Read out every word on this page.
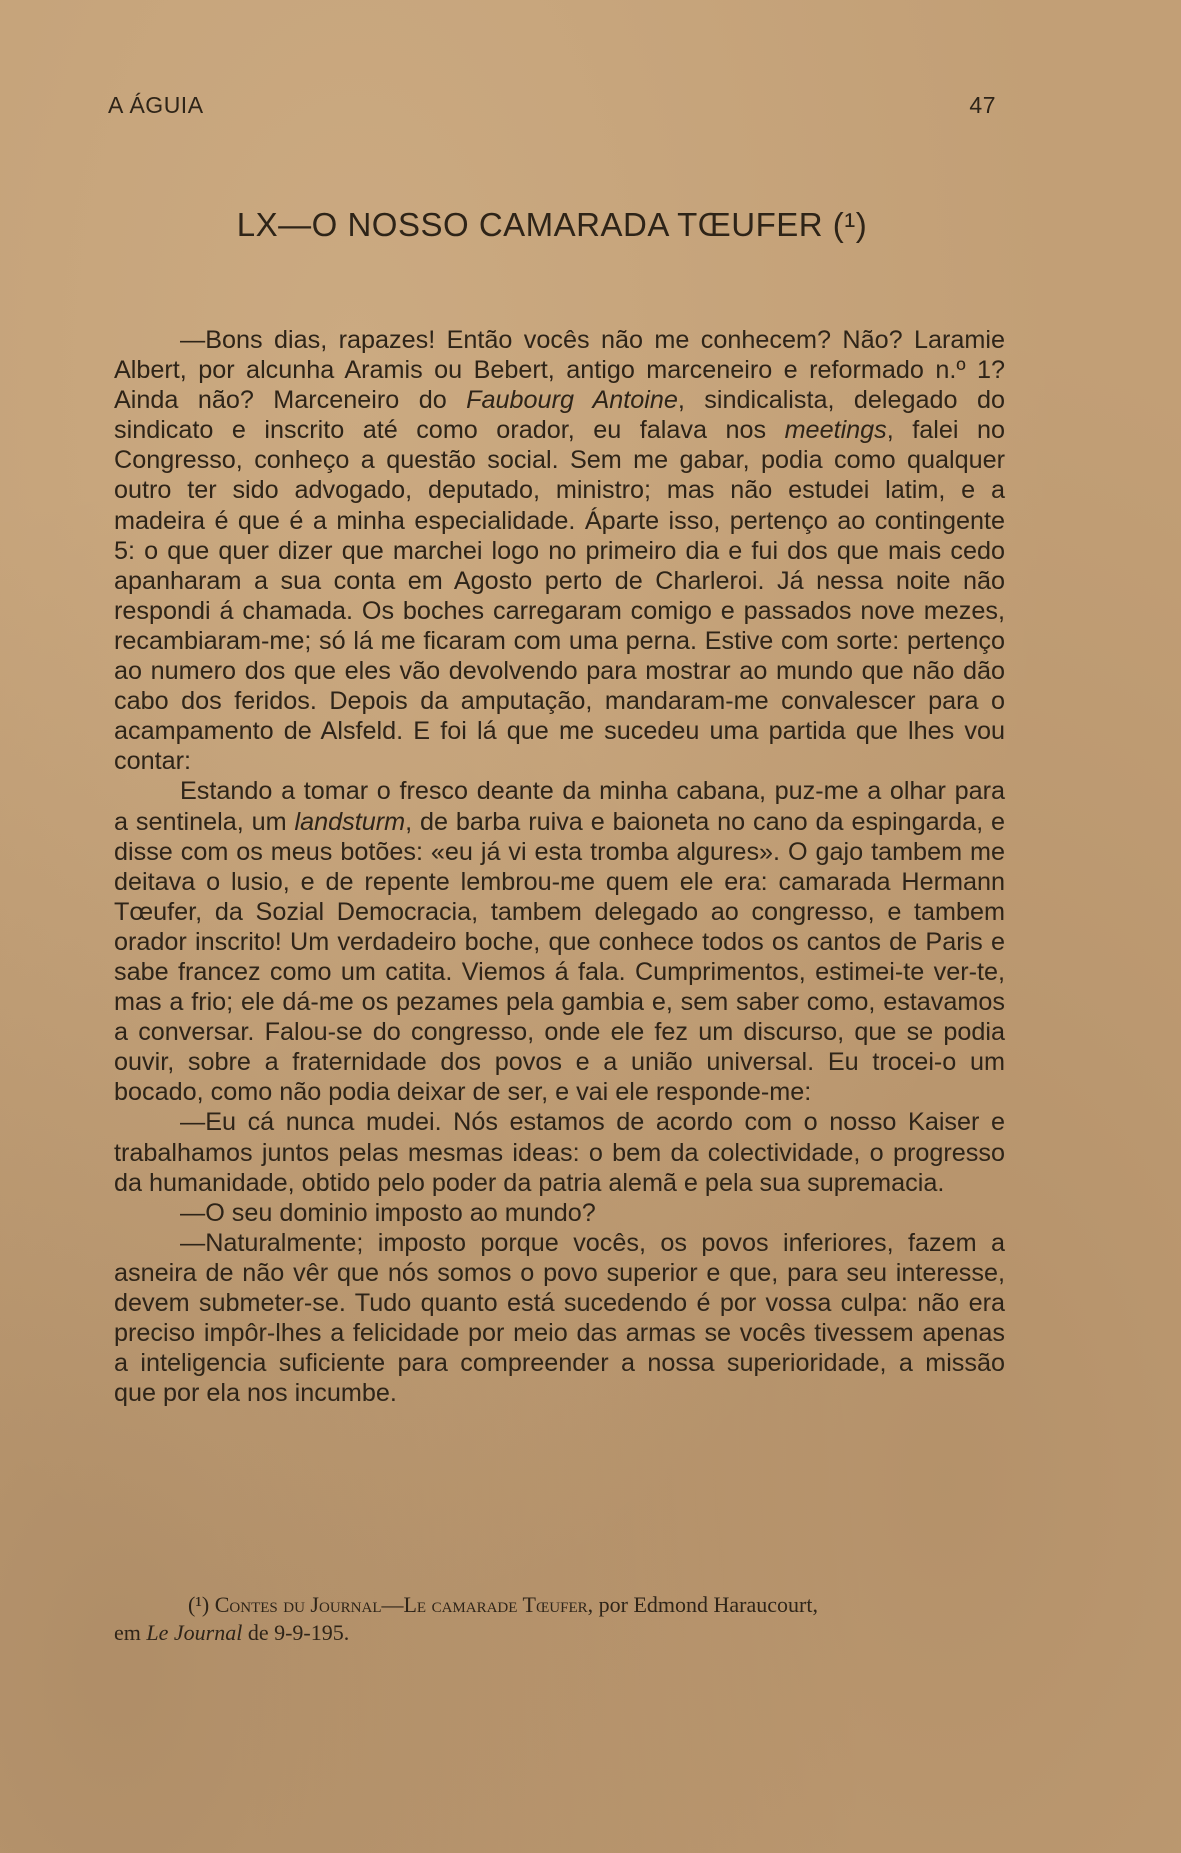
A ÁGUIA	47
LX—O NOSSO CAMARADA TŒUFER (¹)

—Bons dias, rapazes! Então vocês não me conhecem? Não? Laramie Albert, por alcunha Aramis ou Bebert, antigo marceneiro e reformado n.º 1? Ainda não? Marceneiro do Faubourg Antoine, sindicalista, delegado do sindicato e inscrito até como orador, eu falava nos meetings, falei no Congresso, conheço a questão social. Sem me gabar, podia como qualquer outro ter sido advogado, deputado, ministro; mas não estudei latim, e a madeira é que é a minha especialidade. Áparte isso, pertenço ao contingente 5: o que quer dizer que marchei logo no primeiro dia e fui dos que mais cedo apanharam a sua conta em Agosto perto de Charleroi. Já nessa noite não respondi á chamada. Os boches carregaram comigo e passados nove mezes, recambiaram-me; só lá me ficaram com uma perna. Estive com sorte: pertenço ao numero dos que eles vão devolvendo para mostrar ao mundo que não dão cabo dos feridos. Depois da amputação, mandaram-me convalescer para o acampamento de Alsfeld. E foi lá que me sucedeu uma partida que lhes vou contar:

Estando a tomar o fresco deante da minha cabana, puz-me a olhar para a sentinela, um landsturm, de barba ruiva e baioneta no cano da espingarda, e disse com os meus botões: «eu já vi esta tromba algures». O gajo tambem me deitava o lusio, e de repente lembrou-me quem ele era: camarada Hermann Tœufer, da Sozial Democracia, tambem delegado ao congresso, e tambem orador inscrito! Um verdadeiro boche, que conhece todos os cantos de Paris e sabe francez como um catita. Viemos á fala. Cumprimentos, estimei-te ver-te, mas a frio; ele dá-me os pezames pela gambia e, sem saber como, estavamos a conversar. Falou-se do congresso, onde ele fez um discurso, que se podia ouvir, sobre a fraternidade dos povos e a união universal. Eu trocei-o um bocado, como não podia deixar de ser, e vai ele responde-me:

—Eu cá nunca mudei. Nós estamos de acordo com o nosso Kaiser e trabalhamos juntos pelas mesmas ideas: o bem da colectividade, o progresso da humanidade, obtido pelo poder da patria alemã e pela sua supremacia.

—O seu dominio imposto ao mundo?

—Naturalmente; imposto porque vocês, os povos inferiores, fazem a asneira de não vêr que nós somos o povo superior e que, para seu interesse, devem submeter-se. Tudo quanto está sucedendo é por vossa culpa: não era preciso impôr-lhes a felicidade por meio das armas se vocês tivessem apenas a inteligencia suficiente para compreender a nossa superioridade, a missão que por ela nos incumbe.

(¹) Contes du Journal—Le camarade Tœufer, por Edmond Haraucourt,
em Le Journal de 9-9-195.
